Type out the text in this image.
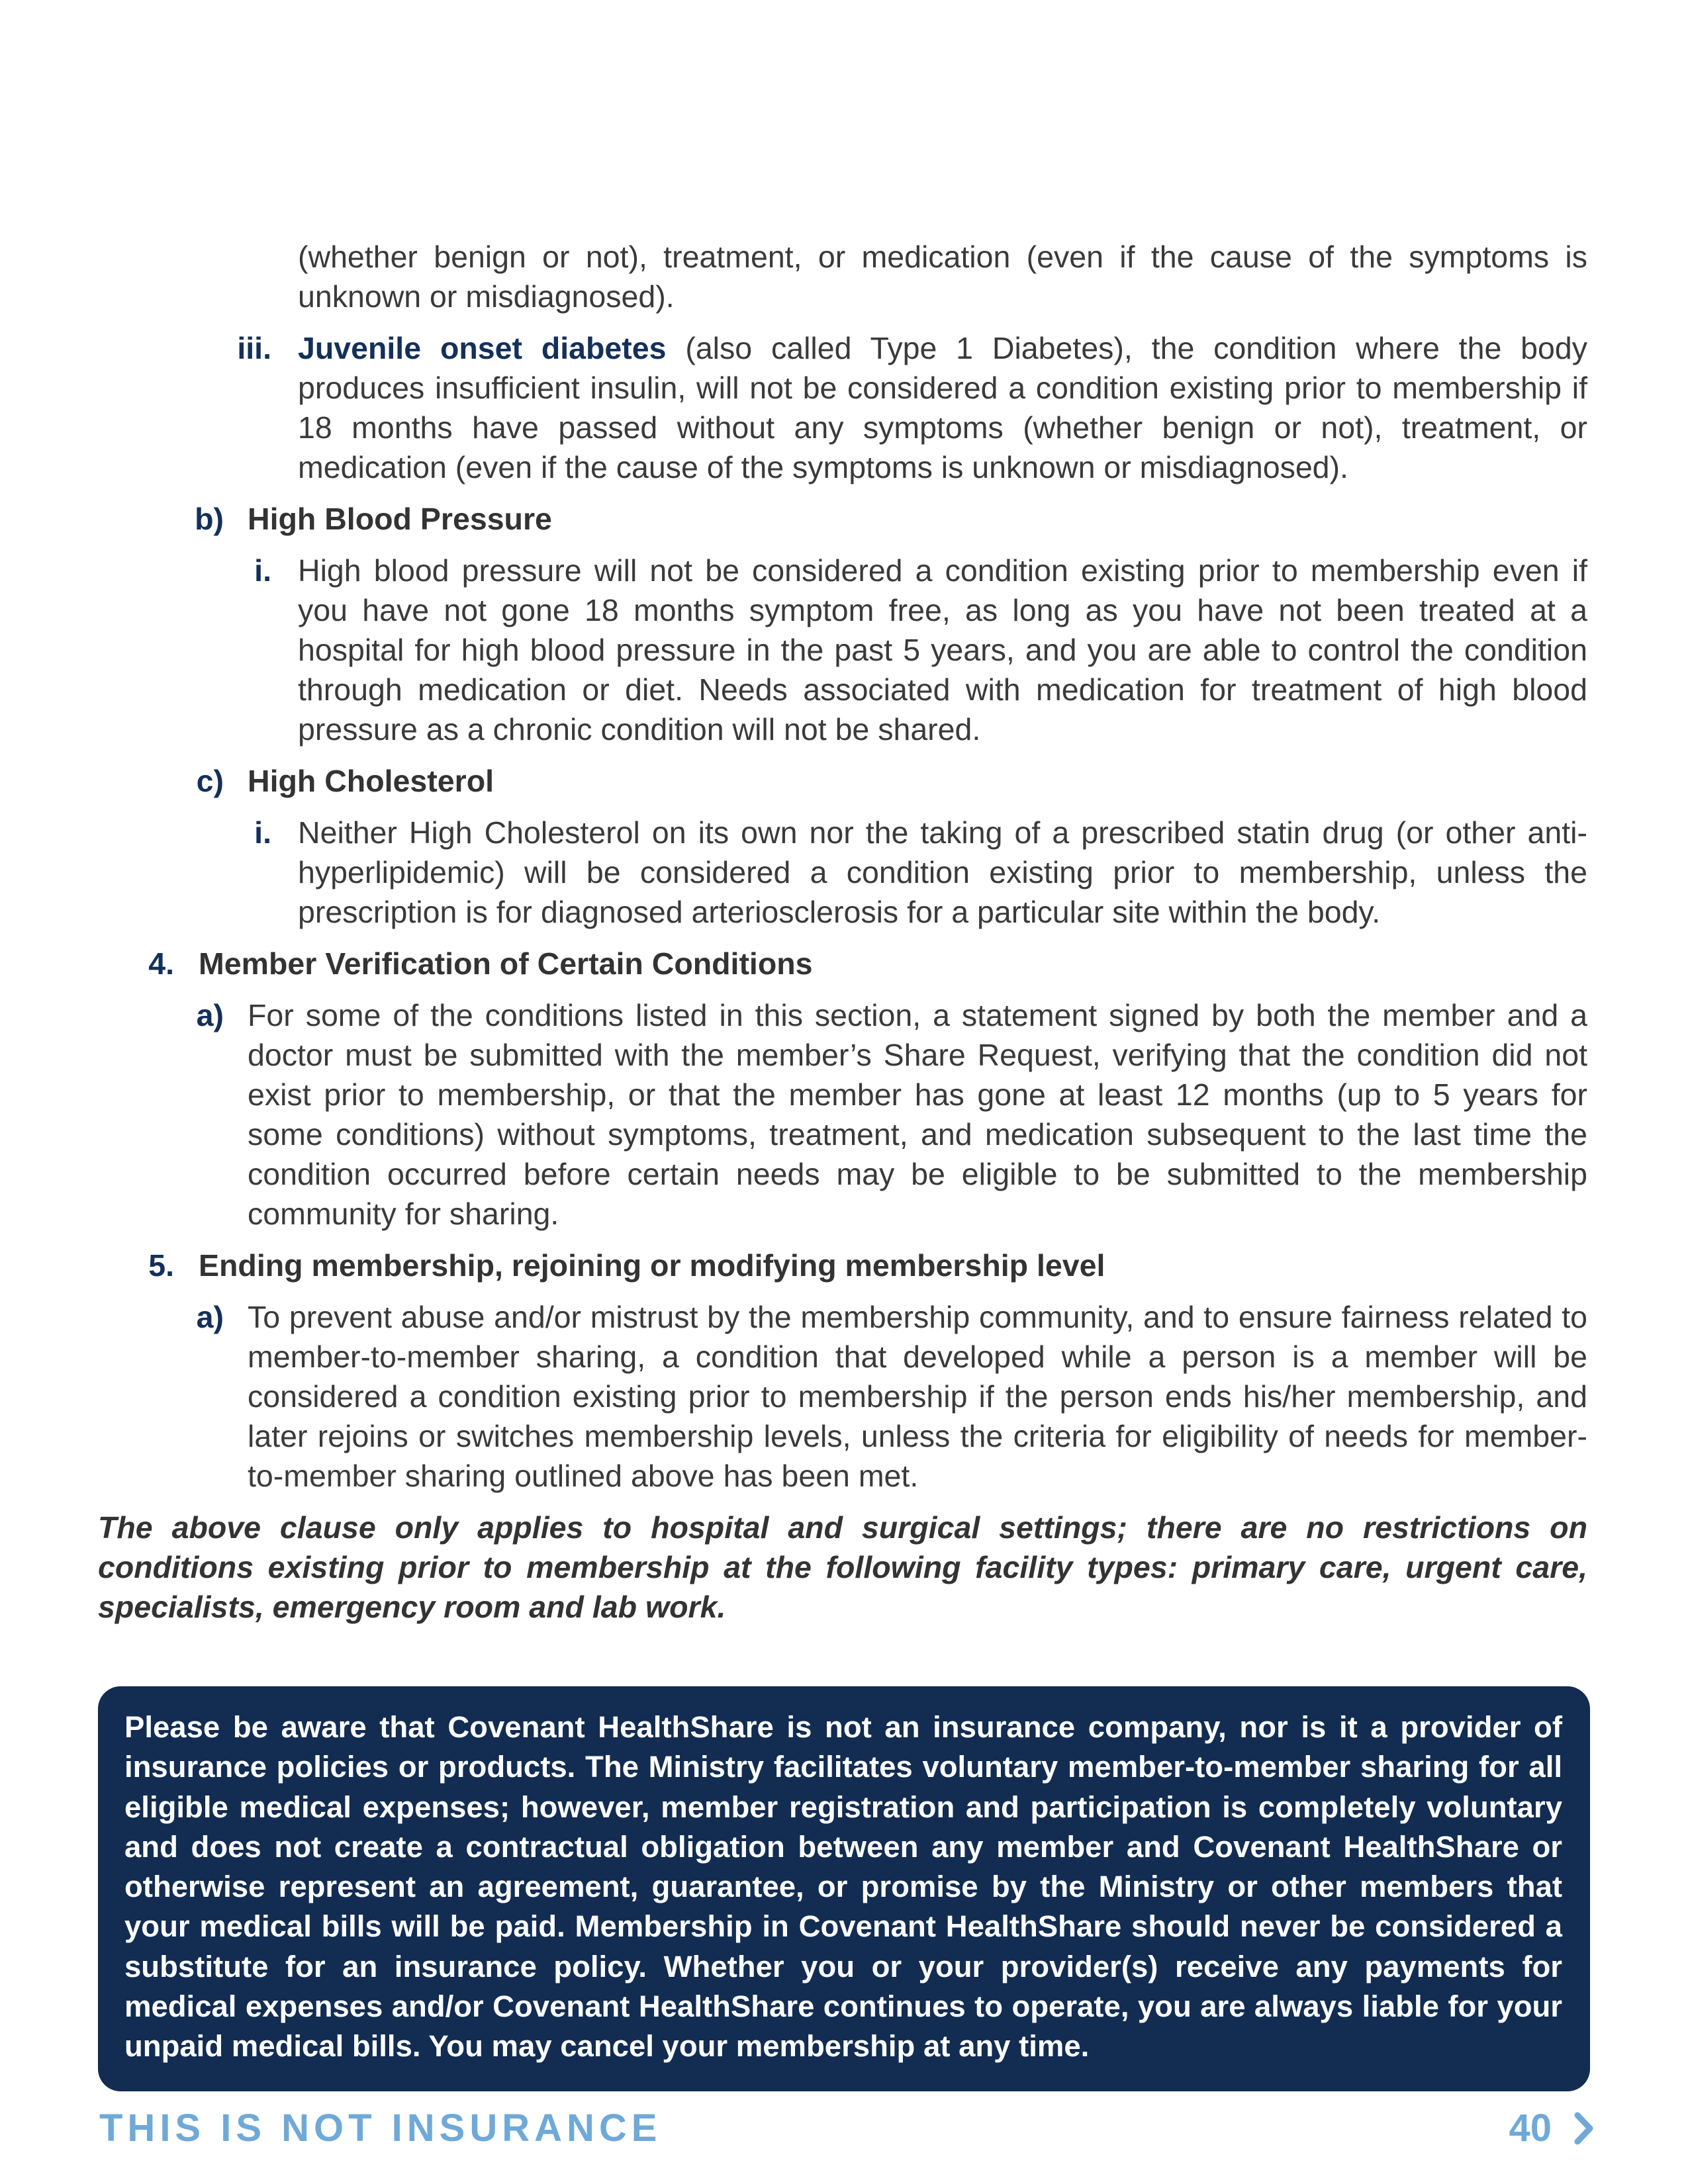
(whether benign or not), treatment, or medication (even if the cause of the symptoms is unknown or misdiagnosed).
iii. Juvenile onset diabetes (also called Type 1 Diabetes), the condition where the body produces insufficient insulin, will not be considered a condition existing prior to membership if 18 months have passed without any symptoms (whether benign or not), treatment, or medication (even if the cause of the symptoms is unknown or misdiagnosed).
b) High Blood Pressure
i. High blood pressure will not be considered a condition existing prior to membership even if you have not gone 18 months symptom free, as long as you have not been treated at a hospital for high blood pressure in the past 5 years, and you are able to control the condition through medication or diet. Needs associated with medication for treatment of high blood pressure as a chronic condition will not be shared.
c) High Cholesterol
i. Neither High Cholesterol on its own nor the taking of a prescribed statin drug (or other anti-hyperlipidemic) will be considered a condition existing prior to membership, unless the prescription is for diagnosed arteriosclerosis for a particular site within the body.
4. Member Verification of Certain Conditions
a) For some of the conditions listed in this section, a statement signed by both the member and a doctor must be submitted with the member’s Share Request, verifying that the condition did not exist prior to membership, or that the member has gone at least 12 months (up to 5 years for some conditions) without symptoms, treatment, and medication subsequent to the last time the condition occurred before certain needs may be eligible to be submitted to the membership community for sharing.
5. Ending membership, rejoining or modifying membership level
a) To prevent abuse and/or mistrust by the membership community, and to ensure fairness related to member-to-member sharing, a condition that developed while a person is a member will be considered a condition existing prior to membership if the person ends his/her membership, and later rejoins or switches membership levels, unless the criteria for eligibility of needs for member-to-member sharing outlined above has been met.
The above clause only applies to hospital and surgical settings; there are no restrictions on conditions existing prior to membership at the following facility types: primary care, urgent care, specialists, emergency room and lab work.
Please be aware that Covenant HealthShare is not an insurance company, nor is it a provider of insurance policies or products. The Ministry facilitates voluntary member-to-member sharing for all eligible medical expenses; however, member registration and participation is completely voluntary and does not create a contractual obligation between any member and Covenant HealthShare or otherwise represent an agreement, guarantee, or promise by the Ministry or other members that your medical bills will be paid. Membership in Covenant HealthShare should never be considered a substitute for an insurance policy. Whether you or your provider(s) receive any payments for medical expenses and/or Covenant HealthShare continues to operate, you are always liable for your unpaid medical bills. You may cancel your membership at any time.
THIS IS NOT INSURANCE	40
